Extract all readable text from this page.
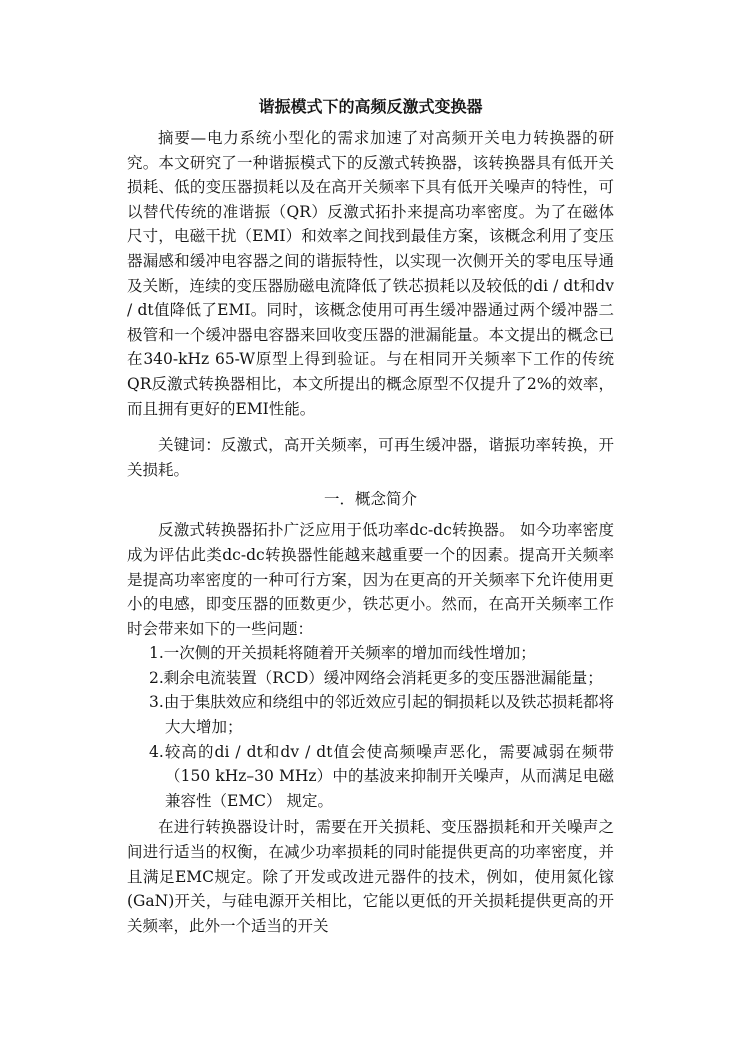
谐振模式下的高频反激式变换器

摘要—电力系统小型化的需求加速了对高频开关电力转换器的研究。本文研究了一种谐振模式下的反激式转换器，该转换器具有低开关损耗、低的变压器损耗以及在高开关频率下具有低开关噪声的特性，可以替代传统的准谐振（QR）反激式拓扑来提高功率密度。为了在磁体尺寸，电磁干扰（EMI）和效率之间找到最佳方案，该概念利用了变压器漏感和缓冲电容器之间的谐振特性，以实现一次侧开关的零电压导通及关断，连续的变压器励磁电流降低了铁芯损耗以及较低的di / dt和dv / dt值降低了EMI。同时，该概念使用可再生缓冲器通过两个缓冲器二极管和一个缓冲器电容器来回收变压器的泄漏能量。本文提出的概念已在340-kHz 65-W原型上得到验证。与在相同开关频率下工作的传统QR反激式转换器相比，本文所提出的概念原型不仅提升了2%的效率，而且拥有更好的EMI性能。

关键词：反激式，高开关频率，可再生缓冲器，谐振功率转换，开关损耗。

一．概念简介

反激式转换器拓扑广泛应用于低功率dc-dc转换器。 如今功率密度成为评估此类dc-dc转换器性能越来越重要一个的因素。提高开关频率是提高功率密度的一种可行方案，因为在更高的开关频率下允许使用更小的电感，即变压器的匝数更少，铁芯更小。然而，在高开关频率工作时会带来如下的一些问题：

1.一次侧的开关损耗将随着开关频率的增加而线性增加；
2.剩余电流装置（RCD）缓冲网络会消耗更多的变压器泄漏能量；
3.由于集肤效应和绕组中的邻近效应引起的铜损耗以及铁芯损耗都将大大增加；
4.较高的di / dt和dv / dt值会使高频噪声恶化，需要减弱在频带（150 kHz–30 MHz）中的基波来抑制开关噪声，从而满足电磁兼容性（EMC） 规定。

在进行转换器设计时，需要在开关损耗、变压器损耗和开关噪声之间进行适当的权衡，在减少功率损耗的同时能提供更高的功率密度，并且满足EMC规定。除了开发或改进元器件的技术，例如，使用氮化镓(GaN)开关，与硅电源开关相比，它能以更低的开关损耗提供更高的开关频率，此外一个适当的开关
